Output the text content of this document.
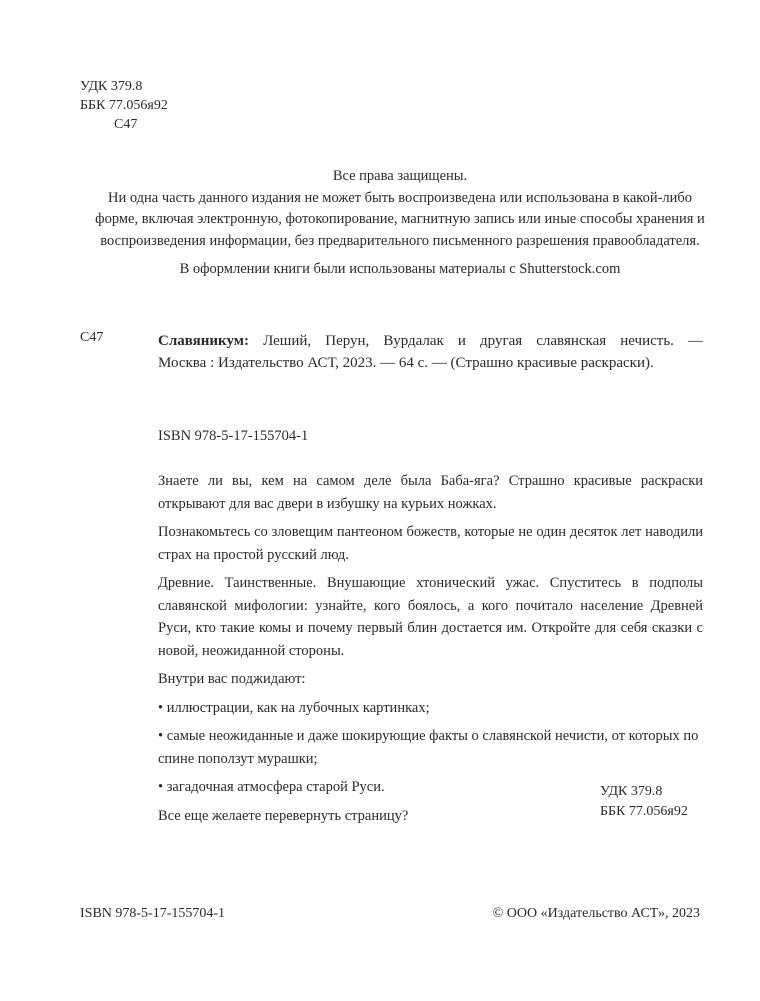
УДК 379.8
ББК 77.056я92
С47
Все права защищены.
Ни одна часть данного издания не может быть воспроизведена или использована в какой-либо
форме, включая электронную, фотокопирование, магнитную запись или иные способы хранения и
воспроизведения информации, без предварительного письменного разрешения правообладателя.
В оформлении книги были использованы материалы с Shutterstock.com
С47	Славяникум: Леший, Перун, Вурдалак и другая славянская нечисть. —
Москва : Издательство АСТ, 2023. — 64 с. — (Страшно красивые раскраски).
ISBN 978-5-17-155704-1

Знаете ли вы, кем на самом деле была Баба-яга? Страшно красивые раскраски открывают для вас двери в избушку на курьих ножках.

Познакомьтесь со зловещим пантеоном божеств, которые не один десяток лет наводили страх на простой русский люд.

Древние. Таинственные. Внушающие хтонический ужас. Спуститесь в подполы славянской мифологии: узнайте, кого боялось, а кого почитало население Древней Руси, кто такие комы и почему первый блин достается им. Откройте для себя сказки с новой, неожиданной стороны.

Внутри вас поджидают:

• иллюстрации, как на лубочных картинках;

• самые неожиданные и даже шокирующие факты о славянской нечисти, от которых по спине поползут мурашки;

• загадочная атмосфера старой Руси.

Все еще желаете перевернуть страницу?

УДК 379.8
ББК 77.056я92
ISBN 978-5-17-155704-1	© ООО «Издательство АСТ», 2023
